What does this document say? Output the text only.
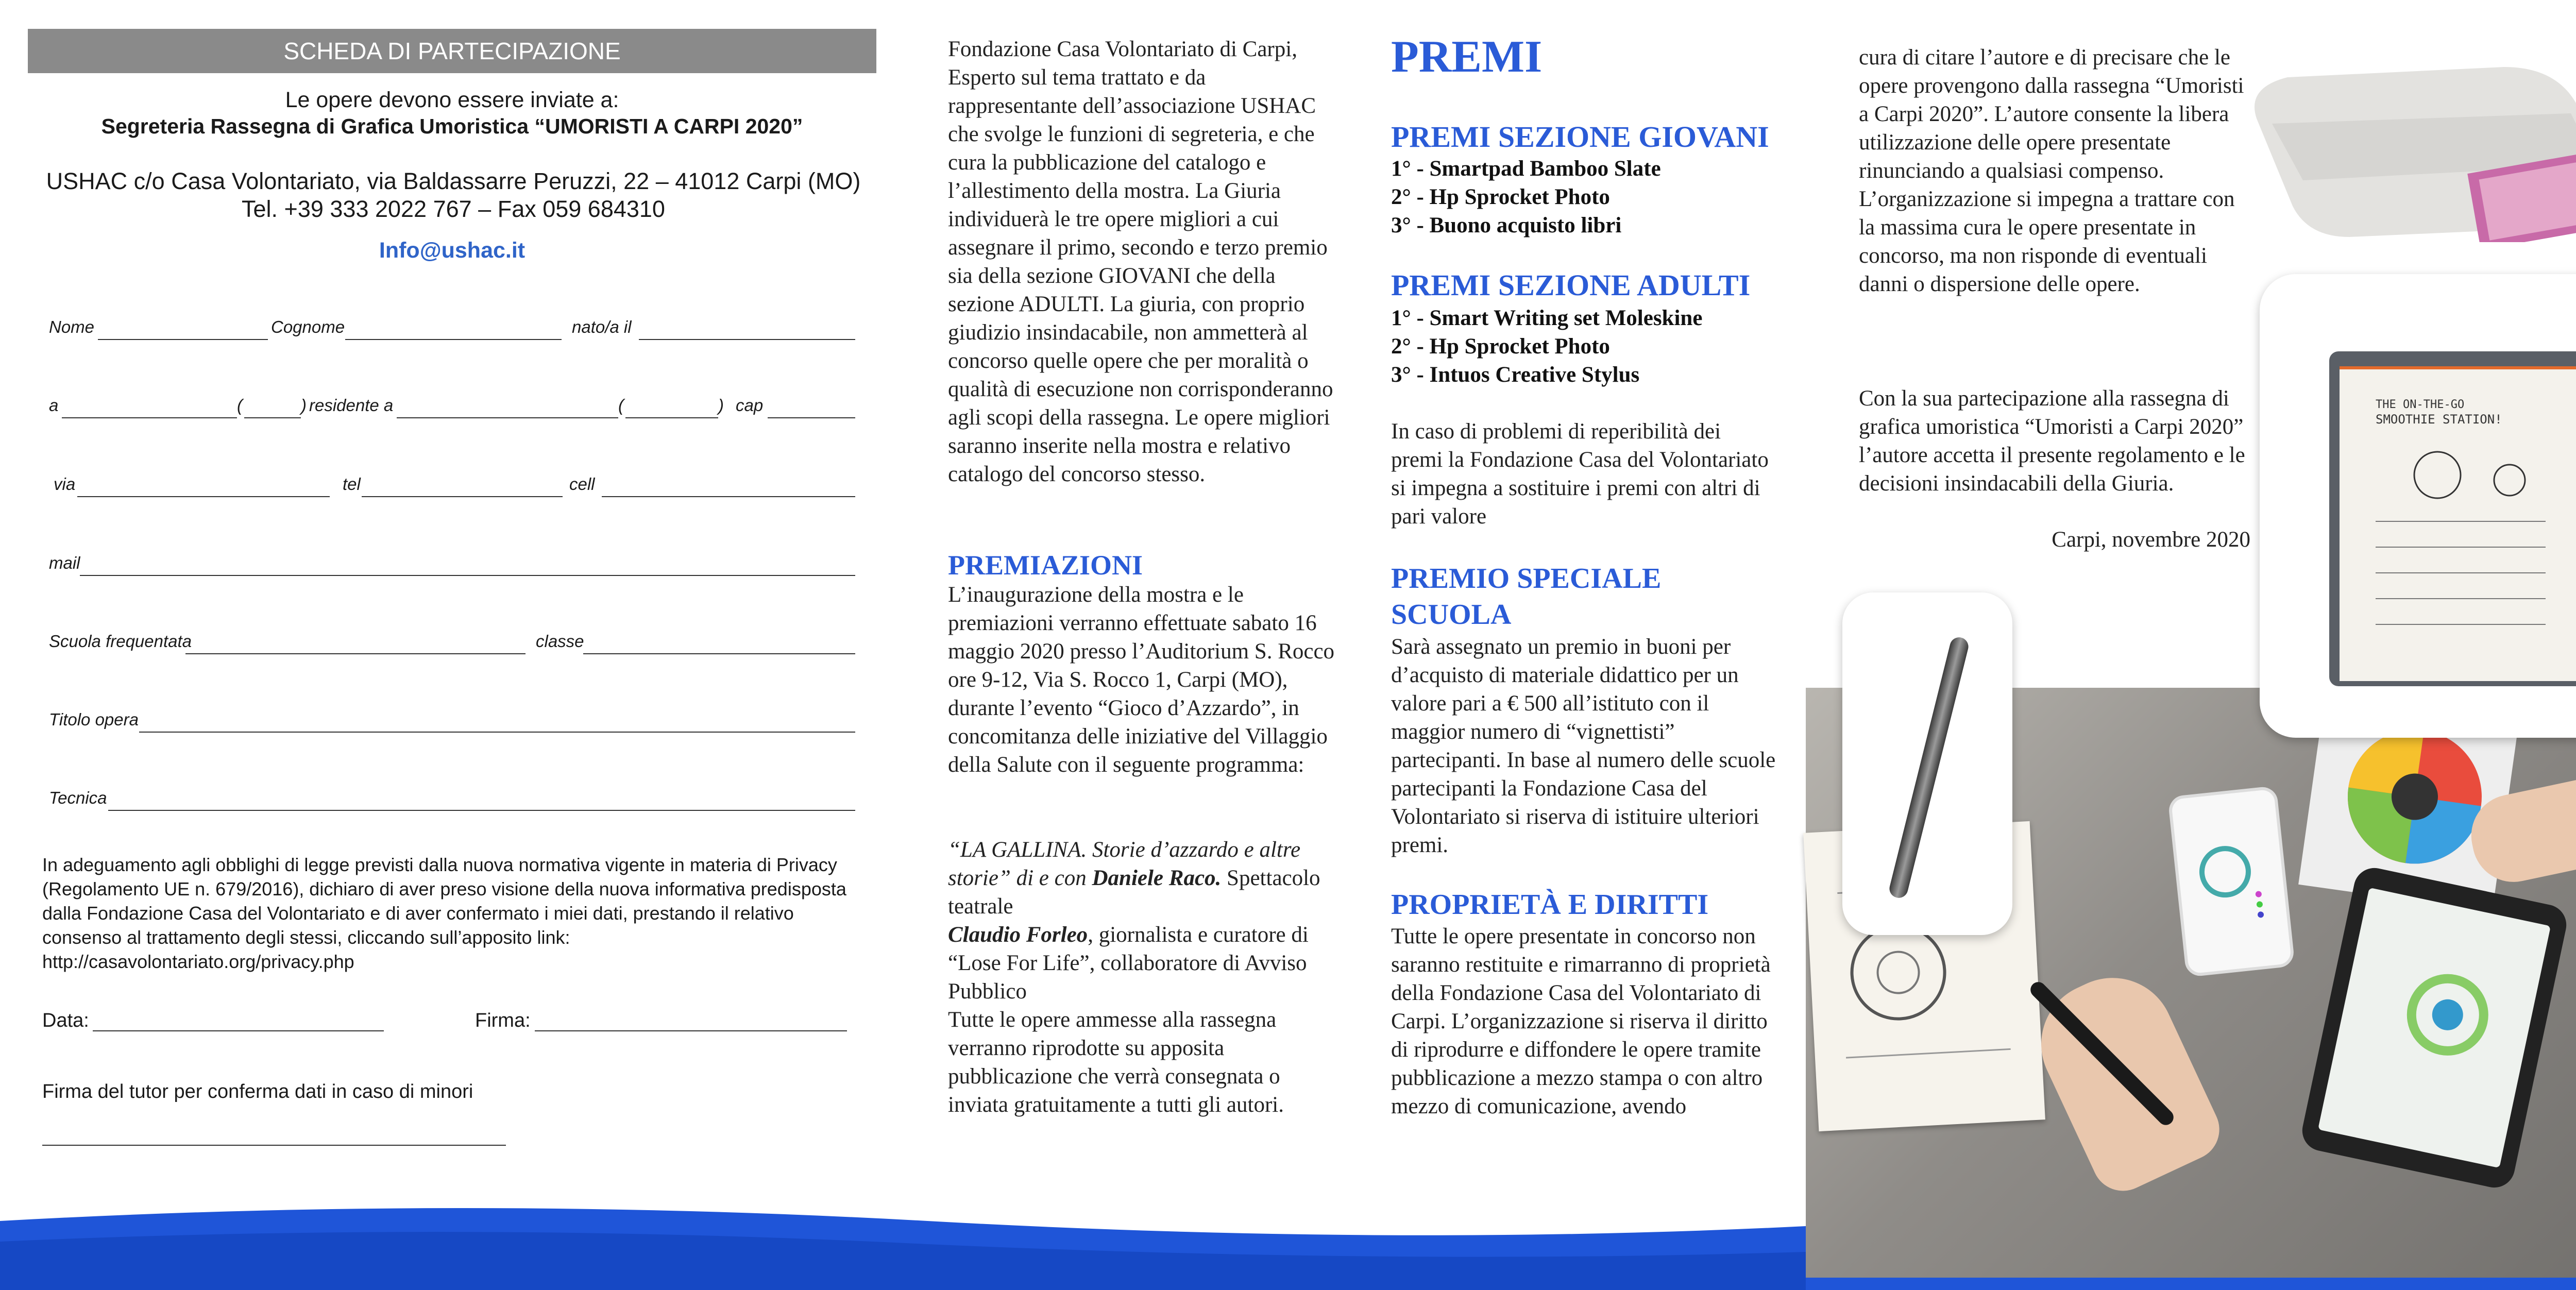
SCHEDA DI PARTECIPAZIONE
Le opere devono essere inviate a:
Segreteria Rassegna di Grafica Umoristica “UMORISTI A CARPI 2020”
USHAC c/o Casa Volontariato, via Baldassarre Peruzzi, 22 – 41012 Carpi (MO)
Tel. +39 333 2022 767 – Fax 059 684310
Info@ushac.it
Nome	Cognome	nato/a il
a	(	) residente a	(	) cap
via	tel	cell
mail
Scuola frequentata	classe
Titolo opera
Tecnica
In adeguamento agli obblighi di legge previsti dalla nuova normativa vigente in materia di Privacy (Regolamento UE n. 679/2016), dichiaro di aver preso visione della nuova informativa predisposta dalla Fondazione Casa del Volontariato e di aver confermato i miei dati, prestando il relativo consenso al trattamento degli stessi, cliccando sull’apposito link: http://casavolontariato.org/privacy.php
Data:	Firma:
Firma del tutor per conferma dati in caso di minori
Fondazione Casa Volontariato di Carpi, Esperto sul tema trattato e da rappresentante dell’associazione USHAC che svolge le funzioni di segreteria, e che cura la pubblicazione del catalogo e l’allestimento della mostra. La Giuria individuerà le tre opere migliori a cui assegnare il primo, secondo e terzo premio sia della sezione GIOVANI che della sezione ADULTI. La giuria, con proprio giudizio insindacabile, non ammetterà al concorso quelle opere che per moralità o qualità di esecuzione non corrisponderanno agli scopi della rassegna. Le opere migliori saranno inserite nella mostra e relativo catalogo del concorso stesso.
PREMIAZIONI
L’inaugurazione della mostra e le premiazioni verranno effettuate sabato 16 maggio 2020 presso l’Auditorium S. Rocco ore 9-12, Via S. Rocco 1, Carpi (MO), durante l’evento “Gioco d’Azzardo”, in concomitanza delle iniziative del Villaggio della Salute con il seguente programma:
“LA GALLINA. Storie d’azzardo e altre storie” di e con Daniele Raco. Spettacolo teatrale
Claudio Forleo, giornalista e curatore di “Lose For Life”, collaboratore di Avviso Pubblico
Tutte le opere ammesse alla rassegna verranno riprodotte su apposita pubblicazione che verrà consegnata o inviata gratuitamente a tutti gli autori.
PREMI
PREMI SEZIONE GIOVANI
1° - Smartpad Bamboo Slate
2° - Hp Sprocket Photo
3° - Buono acquisto libri
PREMI SEZIONE ADULTI
1° - Smart Writing set Moleskine
2° - Hp Sprocket Photo
3° - Intuos Creative Stylus
In caso di problemi di reperibilità dei premi la Fondazione Casa del Volontariato si impegna a sostituire i premi con altri di pari valore
PREMIO SPECIALE SCUOLA
Sarà assegnato un premio in buoni per d’acquisto di materiale didattico per un valore pari a € 500 all’istituto con il maggior numero di “vignettisti” partecipanti. In base al numero delle scuole partecipanti la Fondazione Casa del Volontariato si riserva di istituire ulteriori premi.
PROPRIETÀ E DIRITTI
Tutte le opere presentate in concorso non saranno restituite e rimarranno di proprietà della Fondazione Casa del Volontariato di Carpi. L’organizzazione si riserva il diritto di riprodurre e diffondere le opere tramite pubblicazione a mezzo stampa o con altro mezzo di comunicazione, avendo
THE ON-THE-GO
SMOOTHIE STATION!
cura di citare l’autore e di precisare che le opere provengono dalla rassegna “Umoristi a Carpi 2020”. L’autore consente la libera utilizzazione delle opere presentate rinunciando a qualsiasi compenso. L’organizzazione si impegna a trattare con la massima cura le opere presentate in concorso, ma non risponde di eventuali danni o dispersione delle opere.
Con la sua partecipazione alla rassegna di grafica umoristica “Umoristi a Carpi 2020” l’autore accetta il presente regolamento e le decisioni insindacabili della Giuria.
Carpi, novembre 2020
